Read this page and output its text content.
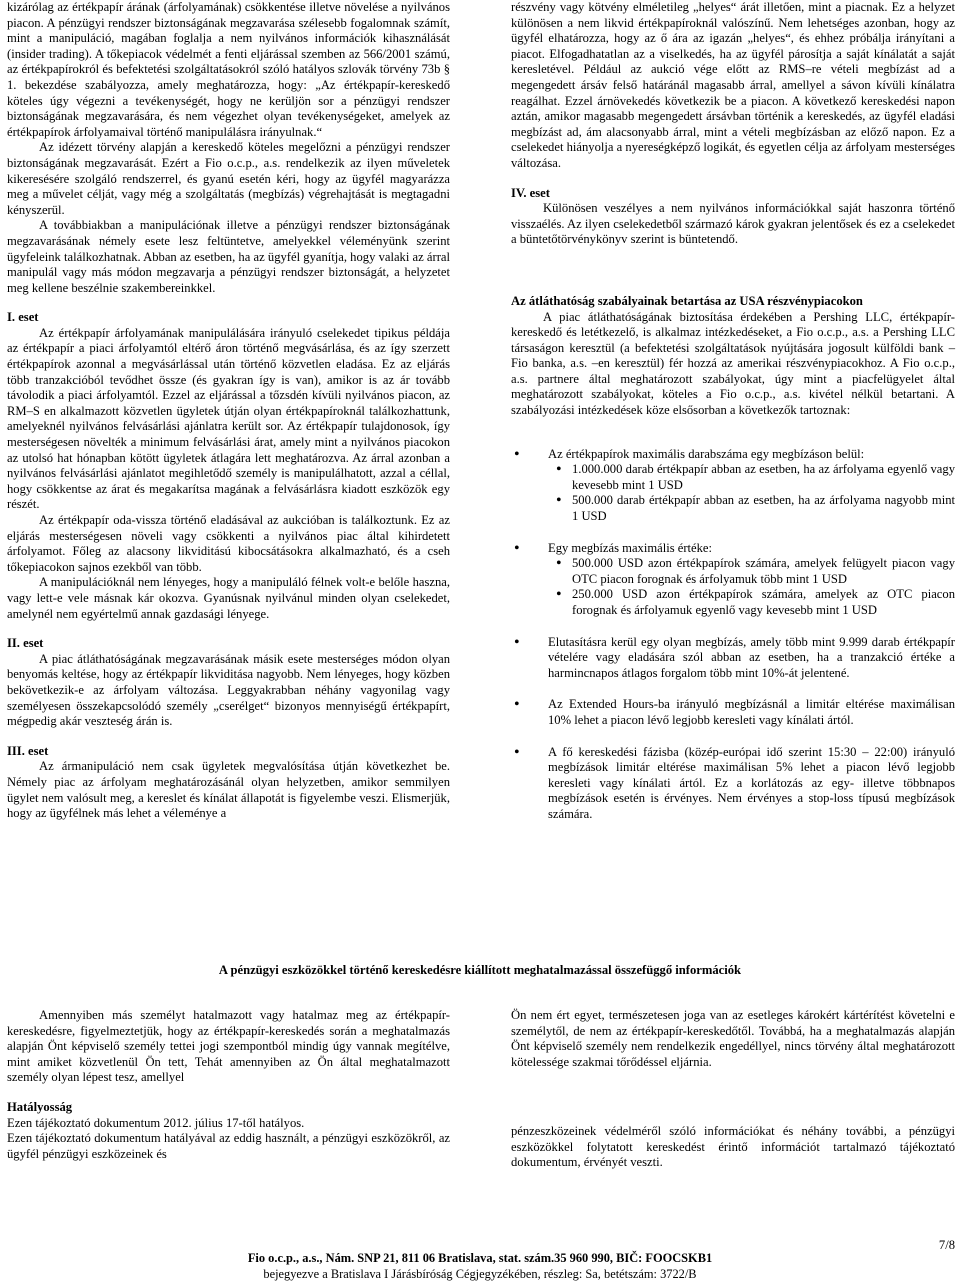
kizárólag az értékpapír árának (árfolyamának) csökkentése illetve növelése a nyilvános piacon. A pénzügyi rendszer biztonságának megzavarása szélesebb fogalomnak számít, mint a manipuláció, magában foglalja a nem nyilvános információk kihasználását (insider trading). A tőkepiacok védelmét a fenti eljárással szemben az 566/2001 számú, az értékpapírokról és befektetési szolgáltatásokról szóló hatályos szlovák törvény 73b § 1. bekezdése szabályozza, amely meghatározza, hogy: „Az értékpapír-kereskedő köteles úgy végezni a tevékenységét, hogy ne kerüljön sor a pénzügyi rendszer biztonságának megzavarására, és nem végezhet olyan tevékenységeket, amelyek az értékpapírok árfolyamaival történő manipulálásra irányulnak.“

Az idézett törvény alapján a kereskedő köteles megelőzni a pénzügyi rendszer biztonságának megzavarását. Ezért a Fio o.c.p., a.s. rendelkezik az ilyen műveletek kikeresésére szolgáló rendszerrel, és gyanú esetén kéri, hogy az ügyfél magyarázza meg a művelet célját, vagy még a szolgáltatás (megbízás) végrehajtását is megtagadni kényszerül.

A továbbiakban a manipulációnak illetve a pénzügyi rendszer biztonságának megzavarásának némely esete lesz feltüntetve, amelyekkel véleményünk szerint ügyfeleink találkozhatnak. Abban az esetben, ha az ügyfél gyanítja, hogy valaki az árral manipulál vagy más módon megzavarja a pénzügyi rendszer biztonságát, a helyzetet meg kellene beszélnie szakembereinkkel.

I. eset

Az értékpapír árfolyamának manipulálására irányuló cselekedet tipikus példája az értékpapír a piaci árfolyamtól eltérő áron történő megvásárlása, és az így szerzett értékpapírok azonnal a megvásárlással után történő közvetlen eladása. Ez az eljárás több tranzakcióból tevődhet össze (és gyakran így is van), amikor is az ár tovább távolodik a piaci árfolyamtól. Ezzel az eljárással a tőzsdén kívüli nyilvános piacon, az RM–S ​​en alkalmazott közvetlen ügyletek útján olyan értékpapíroknál találkozhattunk, amelyeknél nyilvános felvásárlási ajánlatra került sor. Az értékpapír tulajdonosok, így mesterségesen növelték a minimum felvásárlási árat, amely mint a nyilvános piacokon az utolsó hat hónapban kötött ügyletek átlagára lett meghatározva. Az árral azonban a nyilvános felvásárlási ajánlatot megihletődő személy is manipulálhatott, azzal a céllal, hogy csökkentse az árat és megakarítsa magának a felvásárlásra kiadott eszközök egy részét.

Az értékpapír oda-vissza történő eladásával az aukcióban is találkoztunk. Ez az eljárás mesterségesen növeli vagy csökkenti a nyilvános piac által kihirdetett árfolyamot. Főleg az alacsony likviditású kibocsátásokra alkalmazható, és a cseh tőkepiacokon sajnos ezekből van több.

A manipulációknál nem lényeges, hogy a manipuláló félnek volt-e belőle haszna, vagy lett-e vele másnak kár okozva. Gyanúsnak nyilvánul minden olyan cselekedet, amelynél nem egyértelmű annak gazdasági lényege.

II. eset

A piac átláthatóságának megzavarásának másik esete mesterséges módon olyan benyomás keltése, hogy az értékpapír likviditása nagyobb. Nem lényeges, hogy közben bekövetkezik-e az árfolyam változása. Leggyakrabban néhány vagyonilag vagy személyesen összekapcsolódó személy „cserélget“ bizonyos mennyiségű értékpapírt, mégpedig akár veszteség árán is.

III. eset

Az ármanipuláció nem csak ügyletek megvalósítása útján következhet be. Némely piac az árfolyam meghatározásánál olyan helyzetben, amikor semmilyen ügylet nem valósult meg, a kereslet és kínálat állapotát is figyelembe veszi. Elismerjük, hogy az ügyfélnek más lehet a véleménye a

részvény vagy kötvény elméletileg „helyes“ árát illetően, mint a piacnak. Ez a helyzet különösen a nem likvid értékpapíroknál valószínű. Nem lehetséges azonban, hogy az ügyfél elhatározza, hogy az ő ára az igazán „helyes“, és ehhez próbálja irányítani a piacot. Elfogadhatatlan az a viselkedés, ha az ügyfél párosítja a saját kínálatát a saját keresletével. Például az aukció vége előtt az RMS–re vételi megbízást ad a megengedett ársáv felső határánál magasabb árral, amellyel a sávon kívüli kínálatra reagálhat. Ezzel árnövekedés következik be a piacon. A következő kereskedési napon aztán, amikor magasabb megengedett ársávban történik a kereskedés, az ügyfél eladási megbízást ad, ám alacsonyabb árral, mint a vételi megbízásban az előző napon. Ez a cselekedet hiányolja a nyereségképző logikát, és egyetlen célja az árfolyam mesterséges változása.

IV. eset

Különösen veszélyes a nem nyilvános információkkal saját haszonra történő visszaélés. Az ilyen cselekedetből származó károk gyakran jelentősek és ez a cselekedet a büntetőtörvénykönyv szerint is büntetendő.

Az átláthatóság szabályainak betartása az USA részvénypiacokon

A piac átláthatóságának biztosítása érdekében a Pershing LLC, értékpapír-kereskedő és letétkezelő, is alkalmaz intézkedéseket, a Fio o.c.p., a.s. a Pershing LLC társaságon keresztül (a befektetési szolgáltatások nyújtására jogosult külföldi bank – Fio banka, a.s. –en keresztül) fér hozzá az amerikai részvénypiacokhoz. A Fio o.c.p., a.s. partnere által meghatározott szabályokat, úgy mint a piacfelügyelet által meghatározott szabályokat, köteles a Fio o.c.p., a.s. kivétel nélkül betartani. A szabályozási intézkedések köze elsősorban a következők tartoznak:

• Az értékpapírok maximális darabszáma egy megbízáson belül:
• 1.000.000 darab értékpapír abban az esetben, ha az árfolyama egyenlő vagy kevesebb mint 1 USD
• 500.000 darab értékpapír abban az esetben, ha az árfolyama nagyobb mint 1 USD
• Egy megbízás maximális értéke:
• 500.000 USD azon értékpapírok számára, amelyek felügyelt piacon vagy OTC piacon forognak és árfolyamuk több mint 1 USD
• 250.000 USD azon értékpapírok számára, amelyek az OTC piacon forognak és árfolyamuk egyenlő vagy kevesebb mint 1 USD
• Elutasításra kerül egy olyan megbízás, amely több mint 9.999 darab értékpapír vételére vagy eladására szól abban az esetben, ha a tranzakció értéke a harmincnapos átlagos forgalom több mint 10%-át jelentené.
• Az Extended Hours-ba irányuló megbízásnál a limitár eltérése maximálisan 10% lehet a piacon lévő legjobb keresleti vagy kínálati ártól.
• A fő kereskedési fázisba (közép-európai idő szerint 15:30 – 22:00) irányuló megbízások limitár eltérése maximálisan 5% lehet a piacon lévő legjobb keresleti vagy kínálati ártól. Ez a korlátozás az egy- illetve többnapos megbízások esetén is érvényes. Nem érvényes a stop-loss típusú megbízások számára.
A pénzügyi eszközökkel történő kereskedésre kiállított meghatalmazással összefüggő információk

Amennyiben más személyt hatalmazott vagy hatalmaz meg az értékpapír-kereskedésre, figyelmeztetjük, hogy az értékpapír-kereskedés során a meghatalmazás alapján Önt képviselő személy tettei jogi szempontból mindig úgy vannak megítélve, mint amiket közvetlenül Ön tett, Tehát amennyiben az Ön által meghatalmazott személy olyan lépest tesz, amellyel

Hatályosság

Ezen tájékoztató dokumentum 2012. július 17-től hatályos.

Ezen tájékoztató dokumentum hatályával az eddig használt, a pénzügyi eszközökről, az ügyfél pénzügyi eszközeinek és

Ön nem ért egyet, természetesen joga van az esetleges károkért kártérítést követelni e személytől, de nem az értékpapír-kereskedőtől. Továbbá, ha a meghatalmazás alapján Önt képviselő személy nem rendelkezik engedéllyel, nincs törvény által meghatározott kötelessége szakmai tőrődéssel eljárnia.

pénzeszközeinek védelméről szóló információkat és néhány további, a pénzügyi eszközökkel folytatott kereskedést érintő információt tartalmazó tájékoztató dokumentum, érvényét veszti.

7/8
Fio o.c.p., a.s., Nám. SNP 21, 811 06 Bratislava, stat. szám.35 960 990, BIČ: FOOCSKB1
bejegyezve a Bratislava I Járásbíróság Cégjegyzékében, részleg: Sa, betétszám: 3722/B
